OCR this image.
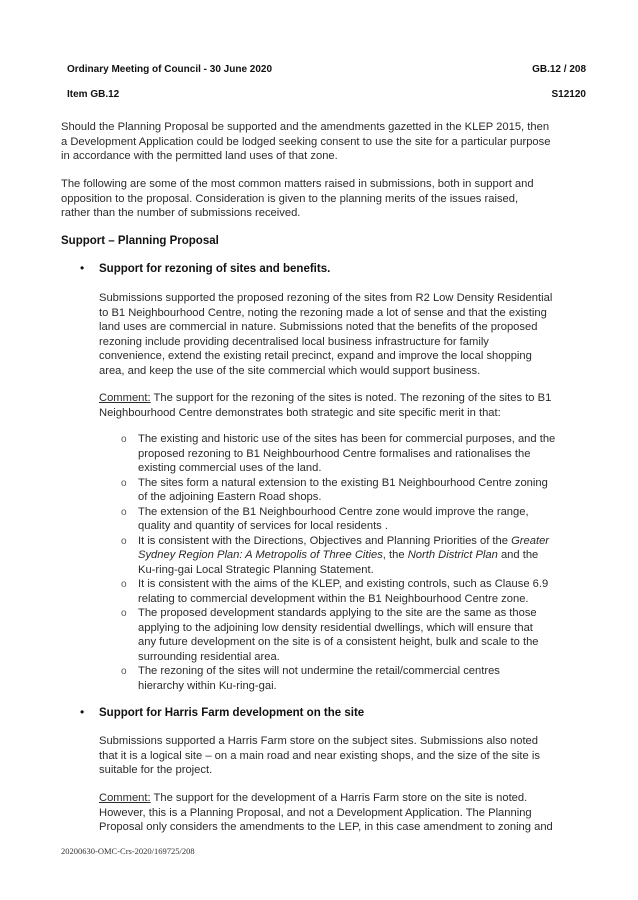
Ordinary Meeting of Council - 30 June 2020	GB.12 / 208
Item GB.12	S12120
Should the Planning Proposal be supported and the amendments gazetted in the KLEP 2015, then
a Development Application could be lodged seeking consent to use the site for a particular purpose
in accordance with the permitted land uses of that zone.
The following are some of the most common matters raised in submissions, both in support and
opposition to the proposal. Consideration is given to the planning merits of the issues raised,
rather than the number of submissions received.
Support – Planning Proposal
• Support for rezoning of sites and benefits.
Submissions supported the proposed rezoning of the sites from R2 Low Density Residential
to B1 Neighbourhood Centre, noting the rezoning made a lot of sense and that the existing
land uses are commercial in nature. Submissions noted that the benefits of the proposed
rezoning include providing decentralised local business infrastructure for family
convenience, extend the existing retail precinct, expand and improve the local shopping
area, and keep the use of the site commercial which would support business.
Comment: The support for the rezoning of the sites is noted. The rezoning of the sites to B1
Neighbourhood Centre demonstrates both strategic and site specific merit in that:
o The existing and historic use of the sites has been for commercial purposes, and the
proposed rezoning to B1 Neighbourhood Centre formalises and rationalises the
existing commercial uses of the land.
o The sites form a natural extension to the existing B1 Neighbourhood Centre zoning
of the adjoining Eastern Road shops.
o The extension of the B1 Neighbourhood Centre zone would improve the range,
quality and quantity of services for local residents .
o It is consistent with the Directions, Objectives and Planning Priorities of the Greater
Sydney Region Plan: A Metropolis of Three Cities, the North District Plan and the
Ku-ring-gai Local Strategic Planning Statement.
o It is consistent with the aims of the KLEP, and existing controls, such as Clause 6.9
relating to commercial development within the B1 Neighbourhood Centre zone.
o The proposed development standards applying to the site are the same as those
applying to the adjoining low density residential dwellings, which will ensure that
any future development on the site is of a consistent height, bulk and scale to the
surrounding residential area.
o The rezoning of the sites will not undermine the retail/commercial centres
hierarchy within Ku-ring-gai.
• Support for Harris Farm development on the site
Submissions supported a Harris Farm store on the subject sites. Submissions also noted
that it is a logical site – on a main road and near existing shops, and the size of the site is
suitable for the project.
Comment: The support for the development of a Harris Farm store on the site is noted.
However, this is a Planning Proposal, and not a Development Application. The Planning
Proposal only considers the amendments to the LEP, in this case amendment to zoning and
20200630-OMC-Crs-2020/169725/208
